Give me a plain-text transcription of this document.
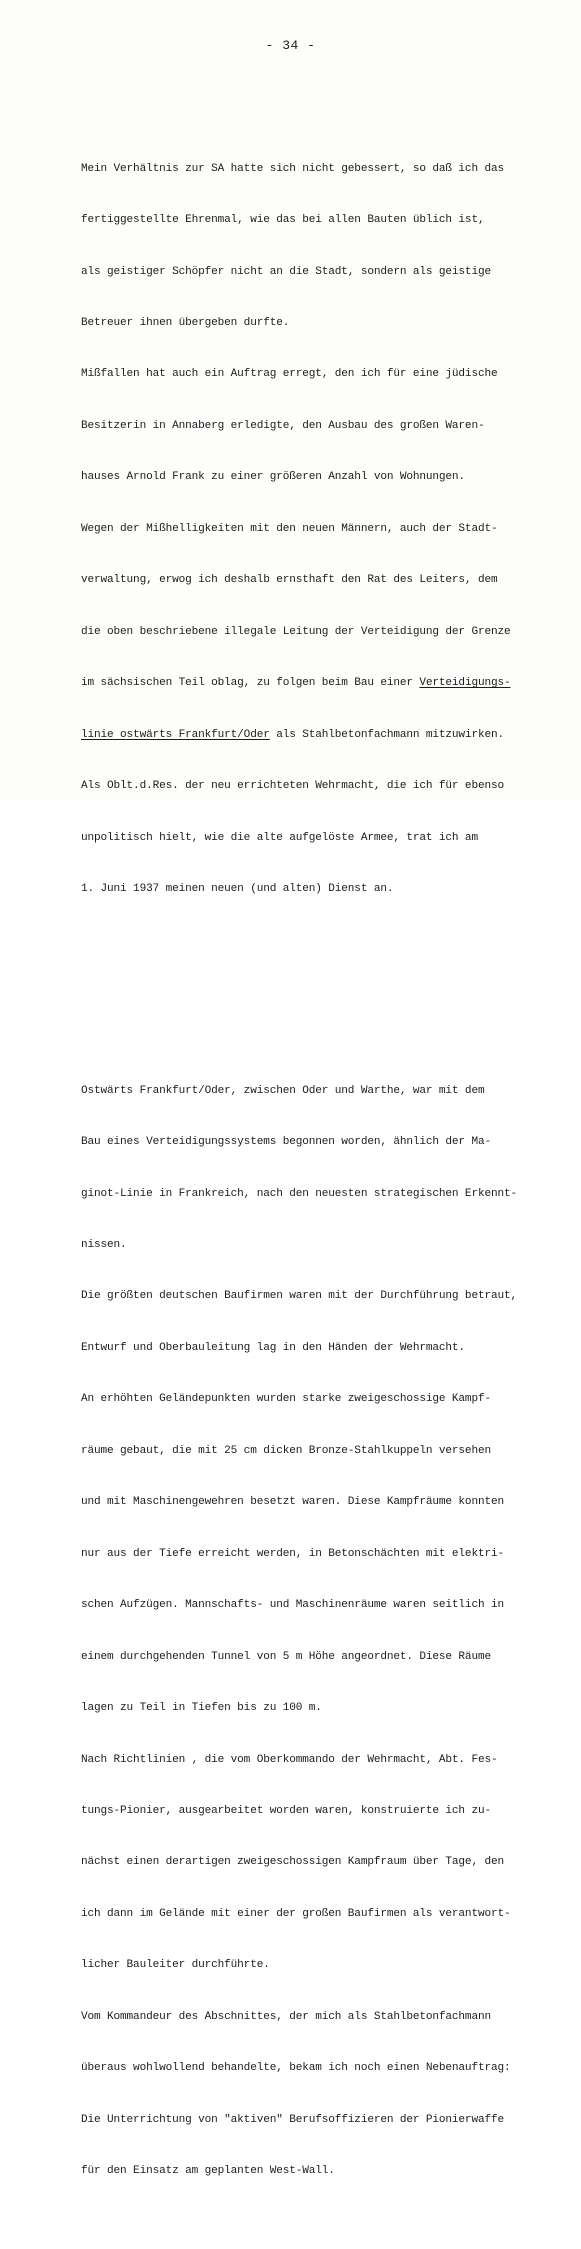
- 34 -

Mein Verhältnis zur SA hatte sich nicht gebessert, so daß ich das

fertiggestellte Ehrenmal, wie das bei allen Bauten üblich ist,

als geistiger Schöpfer nicht an die Stadt, sondern als geistige

Betreuer ihnen übergeben durfte.

Mißfallen hat auch ein Auftrag erregt, den ich für eine jüdische

Besitzerin in Annaberg erledigte, den Ausbau des großen Waren-

hauses Arnold Frank zu einer größeren Anzahl von Wohnungen.

Wegen der Mißhelligkeiten mit den neuen Männern, auch der Stadt-

verwaltung, erwog ich deshalb ernsthaft den Rat des Leiters, dem

die oben beschriebene illegale Leitung der Verteidigung der Grenze

im sächsischen Teil oblag, zu folgen beim Bau einer Verteidigungs-

linie ostwärts Frankfurt/Oder als Stahlbetonfachmann mitzuwirken.

Als Oblt.d.Res. der neu errichteten Wehrmacht, die ich für ebenso

unpolitisch hielt, wie die alte aufgelöste Armee, trat ich am

1. Juni 1937 meinen neuen (und alten) Dienst an.

Ostwärts Frankfurt/Oder, zwischen Oder und Warthe, war mit dem

Bau eines Verteidigungssystems begonnen worden, ähnlich der Ma-

ginot-Linie in Frankreich, nach den neuesten strategischen Erkennt-

nissen.

Die größten deutschen Baufirmen waren mit der Durchführung betraut,

Entwurf und Oberbauleitung lag in den Händen der Wehrmacht.

An erhöhten Geländepunkten wurden starke zweigeschossige Kampf-

räume gebaut, die mit 25 cm dicken Bronze-Stahlkuppeln versehen

und mit Maschinengewehren besetzt waren. Diese Kampfräume konnten

nur aus der Tiefe erreicht werden, in Betonschächten mit elektri-

schen Aufzügen. Mannschafts- und Maschinenräume waren seitlich in

einem durchgehenden Tunnel von 5 m Höhe angeordnet. Diese Räume

lagen zu Teil in Tiefen bis zu 100 m.

Nach Richtlinien , die vom Oberkommando der Wehrmacht, Abt. Fes-

tungs-Pionier, ausgearbeitet worden waren, konstruierte ich zu-

nächst einen derartigen zweigeschossigen Kampfraum über Tage, den

ich dann im Gelände mit einer der großen Baufirmen als verantwort-

licher Bauleiter durchführte.

Vom Kommandeur des Abschnittes, der mich als Stahlbetonfachmann

überaus wohlwollend behandelte, bekam ich noch einen Nebenauftrag:

Die Unterrichtung von "aktiven" Berufsoffizieren der Pionierwaffe

für den Einsatz am geplanten West-Wall.
